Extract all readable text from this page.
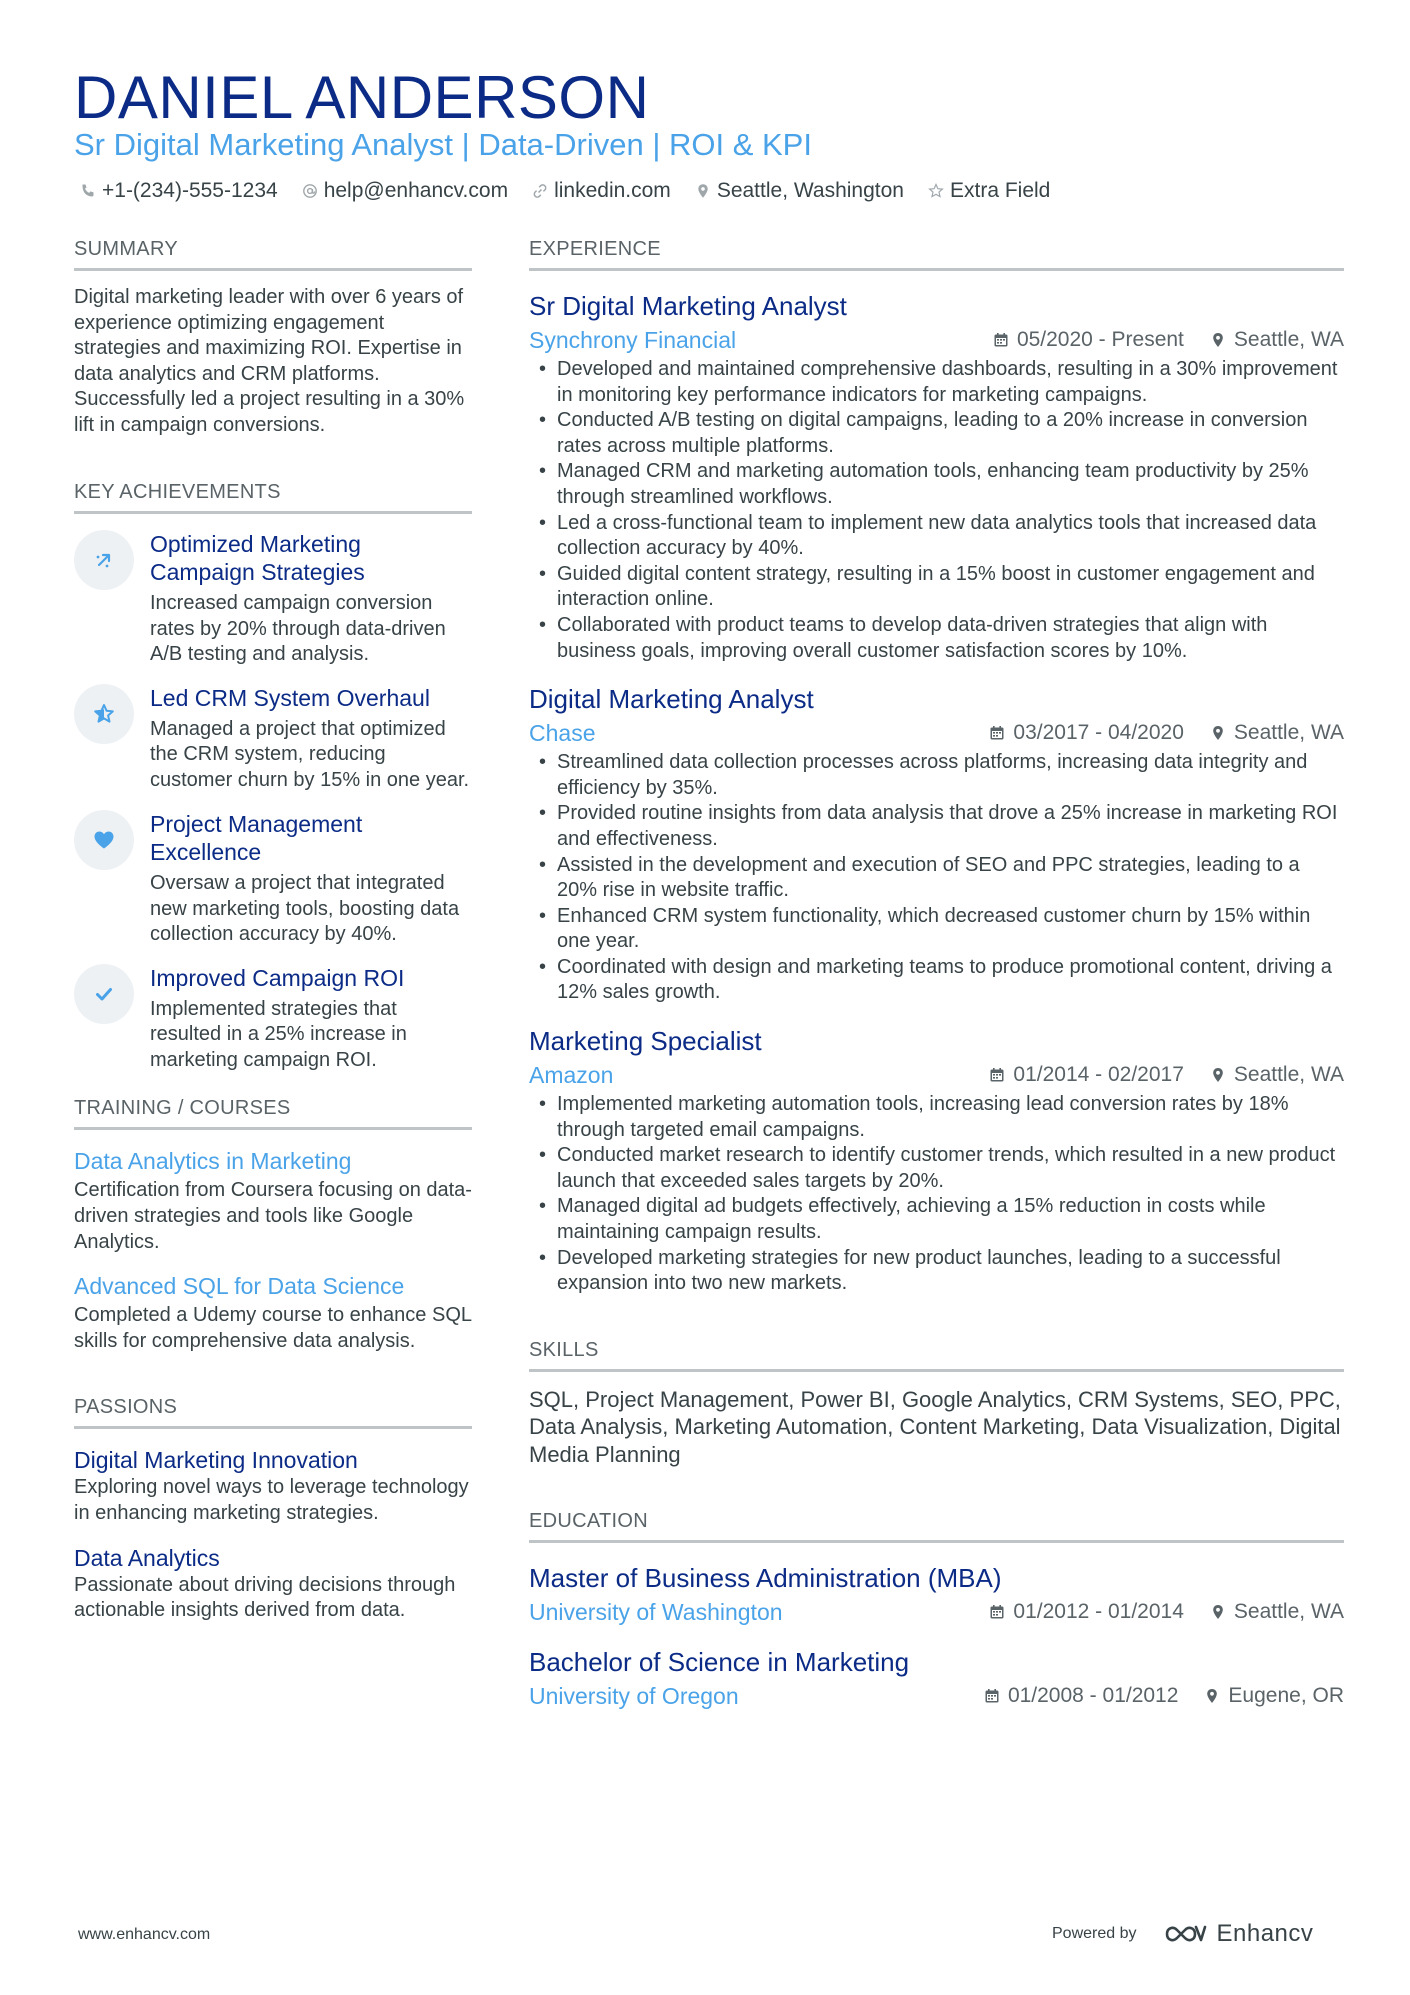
DANIEL ANDERSON
Sr Digital Marketing Analyst | Data-Driven | ROI & KPI
+1-(234)-555-1234 help@enhancv.com linkedin.com Seattle, Washington Extra Field
SUMMARY
Digital marketing leader with over 6 years of experience optimizing engagement strategies and maximizing ROI. Expertise in data analytics and CRM platforms. Successfully led a project resulting in a 30% lift in campaign conversions.
KEY ACHIEVEMENTS
Optimized Marketing Campaign Strategies
Increased campaign conversion rates by 20% through data-driven A/B testing and analysis.
Led CRM System Overhaul
Managed a project that optimized the CRM system, reducing customer churn by 15% in one year.
Project Management Excellence
Oversaw a project that integrated new marketing tools, boosting data collection accuracy by 40%.
Improved Campaign ROI
Implemented strategies that resulted in a 25% increase in marketing campaign ROI.
TRAINING / COURSES
Data Analytics in Marketing
Certification from Coursera focusing on data-driven strategies and tools like Google Analytics.
Advanced SQL for Data Science
Completed a Udemy course to enhance SQL skills for comprehensive data analysis.
PASSIONS
Digital Marketing Innovation
Exploring novel ways to leverage technology in enhancing marketing strategies.
Data Analytics
Passionate about driving decisions through actionable insights derived from data.
EXPERIENCE
Sr Digital Marketing Analyst
Synchrony Financial	05/2020 - Present Seattle, WA
• Developed and maintained comprehensive dashboards, resulting in a 30% improvement in monitoring key performance indicators for marketing campaigns.
• Conducted A/B testing on digital campaigns, leading to a 20% increase in conversion rates across multiple platforms.
• Managed CRM and marketing automation tools, enhancing team productivity by 25% through streamlined workflows.
• Led a cross-functional team to implement new data analytics tools that increased data collection accuracy by 40%.
• Guided digital content strategy, resulting in a 15% boost in customer engagement and interaction online.
• Collaborated with product teams to develop data-driven strategies that align with business goals, improving overall customer satisfaction scores by 10%.
Digital Marketing Analyst
Chase	03/2017 - 04/2020 Seattle, WA
• Streamlined data collection processes across platforms, increasing data integrity and efficiency by 35%.
• Provided routine insights from data analysis that drove a 25% increase in marketing ROI and effectiveness.
• Assisted in the development and execution of SEO and PPC strategies, leading to a 20% rise in website traffic.
• Enhanced CRM system functionality, which decreased customer churn by 15% within one year.
• Coordinated with design and marketing teams to produce promotional content, driving a 12% sales growth.
Marketing Specialist
Amazon	01/2014 - 02/2017 Seattle, WA
• Implemented marketing automation tools, increasing lead conversion rates by 18% through targeted email campaigns.
• Conducted market research to identify customer trends, which resulted in a new product launch that exceeded sales targets by 20%.
• Managed digital ad budgets effectively, achieving a 15% reduction in costs while maintaining campaign results.
• Developed marketing strategies for new product launches, leading to a successful expansion into two new markets.
SKILLS
SQL, Project Management, Power BI, Google Analytics, CRM Systems, SEO, PPC, Data Analysis, Marketing Automation, Content Marketing, Data Visualization, Digital Media Planning
EDUCATION
Master of Business Administration (MBA)
University of Washington	01/2012 - 01/2014 Seattle, WA
Bachelor of Science in Marketing
University of Oregon	01/2008 - 01/2012 Eugene, OR
www.enhancv.com	Powered by	Enhancv
